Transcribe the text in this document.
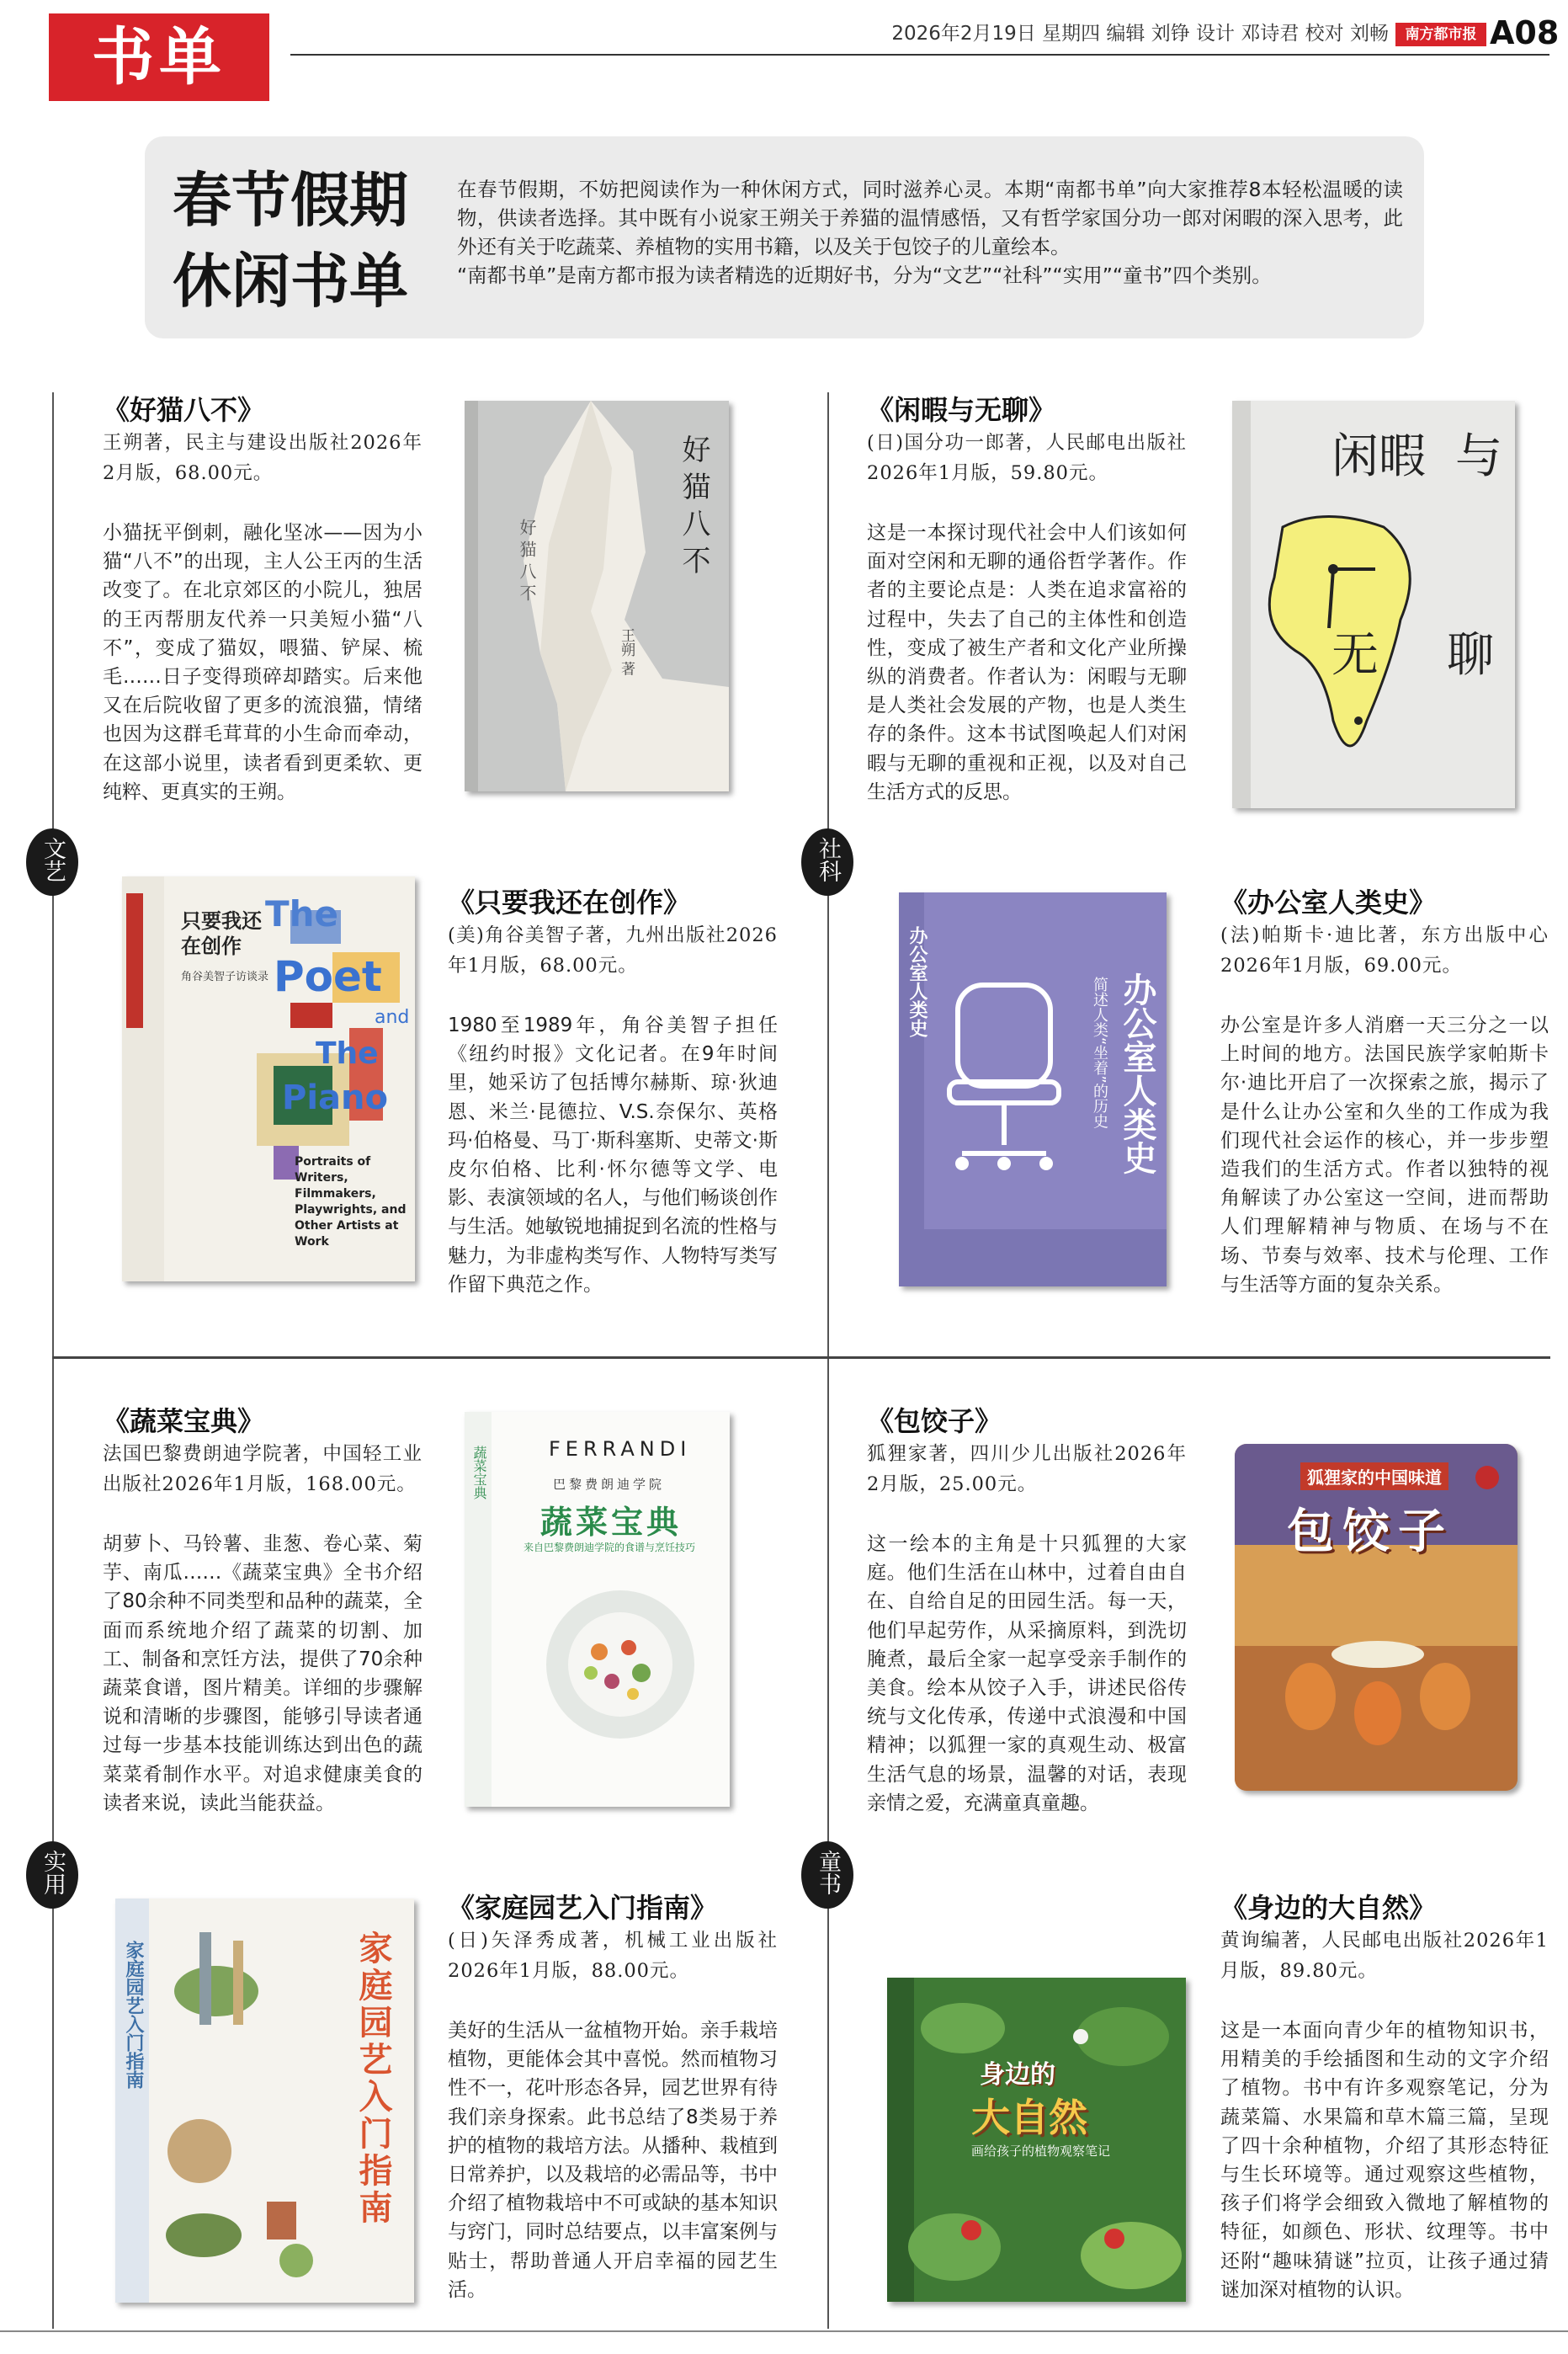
书单	2026年2月19日 星期四 编辑 刘铮 设计 邓诗君 校对 刘畅	南方都市报 A08
春节假期
休闲书单

在春节假期，不妨把阅读作为一种休闲方式，同时滋养心灵。本期“南都书单”向大家推荐8本轻松温暖的读物，供读者选择。其中既有小说家王朔关于养猫的温情感悟，又有哲学家国分功一郎对闲暇的深入思考，此外还有关于吃蔬菜、养植物的实用书籍，以及关于包饺子的儿童绘本。

“南都书单”是南方都市报为读者精选的近期好书，分为“文艺”“社科”“实用”“童书”四个类别。

文艺	社科
实用	童书
《好猫八不》
王朔著，民主与建设出版社2026年2月版，68.00元。
小猫抚平倒刺，融化坚冰——因为小猫“八不”的出现，主人公王丙的生活改变了。在北京郊区的小院儿，独居的王丙帮朋友代养一只美短小猫“八不”，变成了猫奴，喂猫、铲屎、梳毛……日子变得琐碎却踏实。后来他又在后院收留了更多的流浪猫，情绪也因为这群毛茸茸的小生命而牵动，在这部小说里，读者看到更柔软、更纯粹、更真实的王朔。
好猫八不
好猫八不
王朔 著
《闲暇与无聊》
(日)国分功一郎著，人民邮电出版社2026年1月版，59.80元。
这是一本探讨现代社会中人们该如何面对空闲和无聊的通俗哲学著作。作者的主要论点是：人类在追求富裕的过程中，失去了自己的主体性和创造性，变成了被生产者和文化产业所操纵的消费者。作者认为：闲暇与无聊是人类社会发展的产物，也是人类生存的条件。这本书试图唤起人们对闲暇与无聊的重视和正视，以及对自己生活方式的反思。
闲暇 与
无 聊
《只要我还在创作》
(美)角谷美智子著，九州出版社2026年1月版，68.00元。
1980至1989年，角谷美智子担任《纽约时报》文化记者。在9年时间里，她采访了包括博尔赫斯、琼·狄迪恩、米兰·昆德拉、V.S.奈保尔、英格玛·伯格曼、马丁·斯科塞斯、史蒂文·斯皮尔伯格、比利·怀尔德等文学、电影、表演领域的名人，与他们畅谈创作与生活。她敏锐地捕捉到名流的性格与魅力，为非虚构类写作、人物特写类写作留下典范之作。
只要我还在创作
角谷美智子访谈录
The
Poet
and
The
Piano
Portraits of Writers, Filmmakers, Playwrights, and Other Artists at Work
《办公室人类史》
(法)帕斯卡·迪比著，东方出版中心2026年1月版，69.00元。
办公室是许多人消磨一天三分之一以上时间的地方。法国民族学家帕斯卡尔·迪比开启了一次探索之旅，揭示了是什么让办公室和久坐的工作成为我们现代社会运作的核心，并一步步塑造我们的生活方式。作者以独特的视角解读了办公室这一空间，进而帮助人们理解精神与物质、在场与不在场、节奏与效率、技术与伦理、工作与生活等方面的复杂关系。
办公室人类史
简述人类“坐着”的历史
办公室人类史
《蔬菜宝典》
法国巴黎费朗迪学院著，中国轻工业出版社2026年1月版，168.00元。
胡萝卜、马铃薯、韭葱、卷心菜、菊芋、南瓜……《蔬菜宝典》全书介绍了80余种不同类型和品种的蔬菜，全面而系统地介绍了蔬菜的切割、加工、制备和烹饪方法，提供了70余种蔬菜食谱，图片精美。详细的步骤解说和清晰的步骤图，能够引导读者通过每一步基本技能训练达到出色的蔬菜菜肴制作水平。对追求健康美食的读者来说，读此当能获益。
FERRANDI
巴黎费朗迪学院
蔬菜宝典
来自巴黎费朗迪学院的食谱与烹饪技巧
蔬菜宝典
《包饺子》
狐狸家著，四川少儿出版社2026年2月版，25.00元。
这一绘本的主角是十只狐狸的大家庭。他们生活在山林中，过着自由自在、自给自足的田园生活。每一天，他们早起劳作，从采摘原料，到洗切腌煮，最后全家一起享受亲手制作的美食。绘本从饺子入手，讲述民俗传统与文化传承，传递中式浪漫和中国精神；以狐狸一家的真观生动、极富生活气息的场景，温馨的对话，表现亲情之爱，充满童真童趣。
狐狸家的中国味道
包饺子
《家庭园艺入门指南》
(日)矢泽秀成著，机械工业出版社2026年1月版，88.00元。
美好的生活从一盆植物开始。亲手栽培植物，更能体会其中喜悦。然而植物习性不一，花叶形态各异，园艺世界有待我们亲身探索。此书总结了8类易于养护的植物的栽培方法。从播种、栽植到日常养护，以及栽培的必需品等，书中介绍了植物栽培中不可或缺的基本知识与窍门，同时总结要点，以丰富案例与贴士，帮助普通人开启幸福的园艺生活。
家庭园艺入门指南
家庭园艺入门指南
《身边的大自然》
黄询编著，人民邮电出版社2026年1月版，89.80元。
这是一本面向青少年的植物知识书，用精美的手绘插图和生动的文字介绍了植物。书中有许多观察笔记，分为蔬菜篇、水果篇和草木篇三篇，呈现了四十余种植物，介绍了其形态特征与生长环境等。通过观察这些植物，孩子们将学会细致入微地了解植物的特征，如颜色、形状、纹理等。书中还附“趣味猜谜”拉页，让孩子通过猜谜加深对植物的认识。
身边的
大自然
画给孩子的植物观察笔记
